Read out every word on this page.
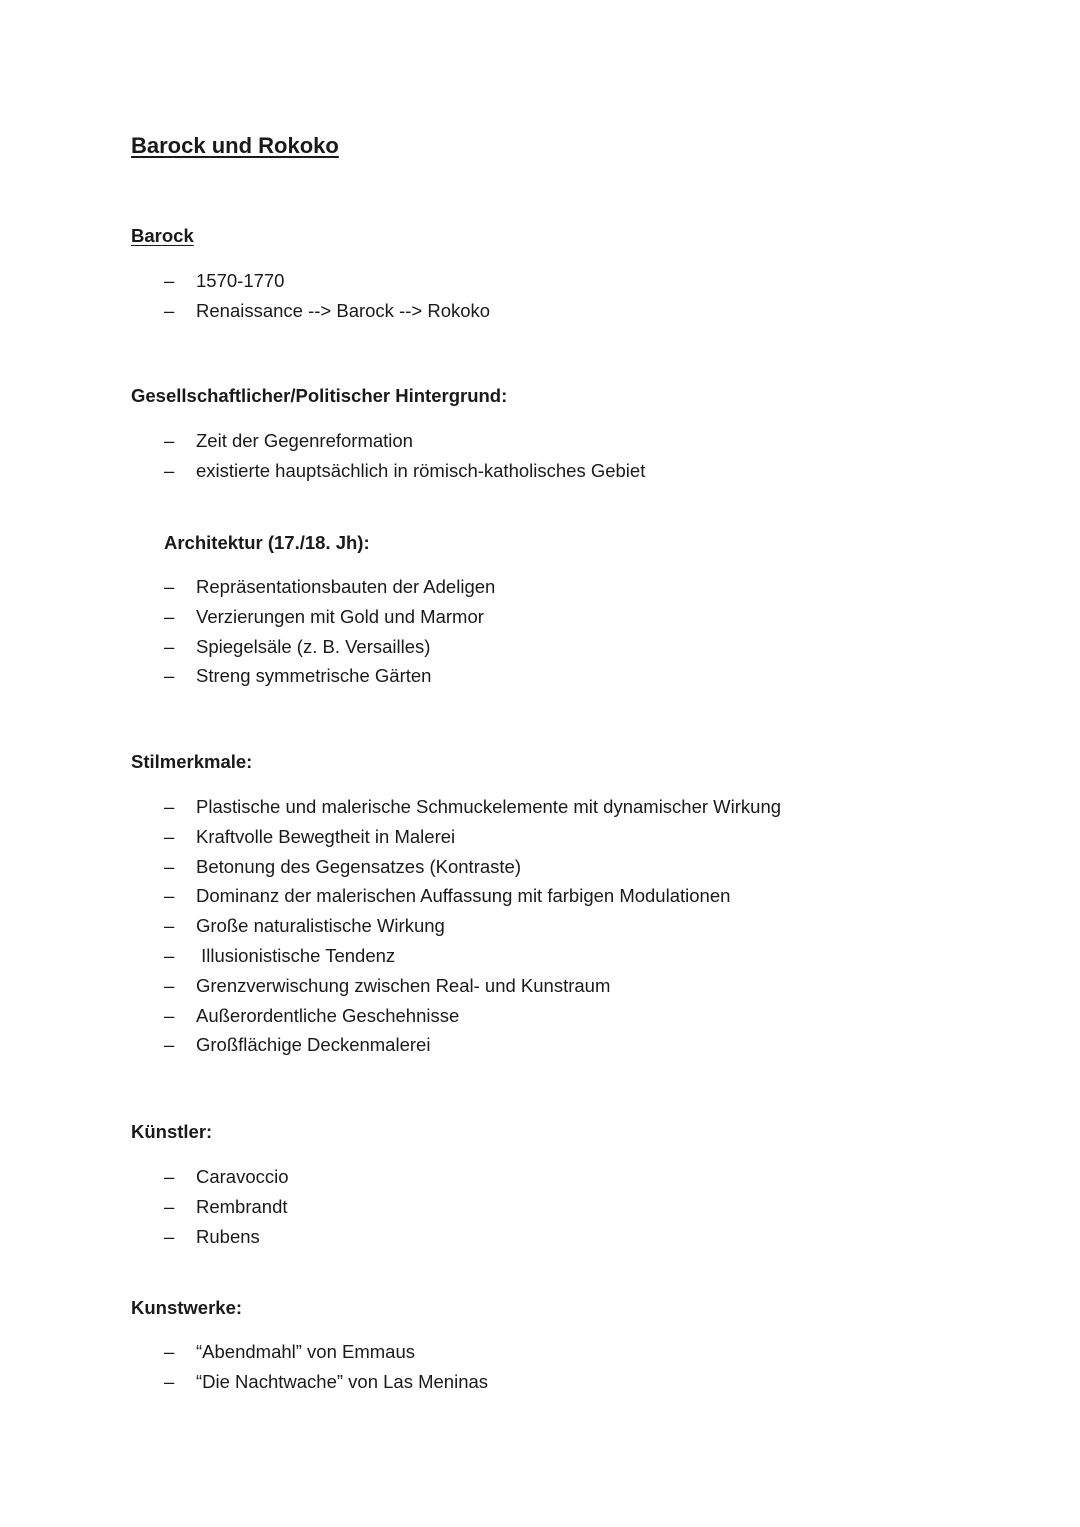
Barock und Rokoko
Barock
–	1570-1770
–	Renaissance --> Barock --> Rokoko
Gesellschaftlicher/Politischer Hintergrund:
–	Zeit der Gegenreformation
–	existierte hauptsächlich in römisch-katholisches Gebiet
Architektur (17./18. Jh):
–	Repräsentationsbauten der Adeligen
–	Verzierungen mit Gold und Marmor
–	Spiegelsäle (z. B. Versailles)
–	Streng symmetrische Gärten
Stilmerkmale:
–	Plastische und malerische Schmuckelemente mit dynamischer Wirkung
–	Kraftvolle Bewegtheit in Malerei
–	Betonung des Gegensatzes (Kontraste)
–	Dominanz der malerischen Auffassung mit farbigen Modulationen
–	Große naturalistische Wirkung
–	Illusionistische Tendenz
–	Grenzverwischung zwischen Real- und Kunstraum
–	Außerordentliche Geschehnisse
–	Großflächige Deckenmalerei
Künstler:
–	Caravoccio
–	Rembrandt
–	Rubens
Kunstwerke:
–	“Abendmahl” von Emmaus
–	“Die Nachtwache” von Las Meninas
